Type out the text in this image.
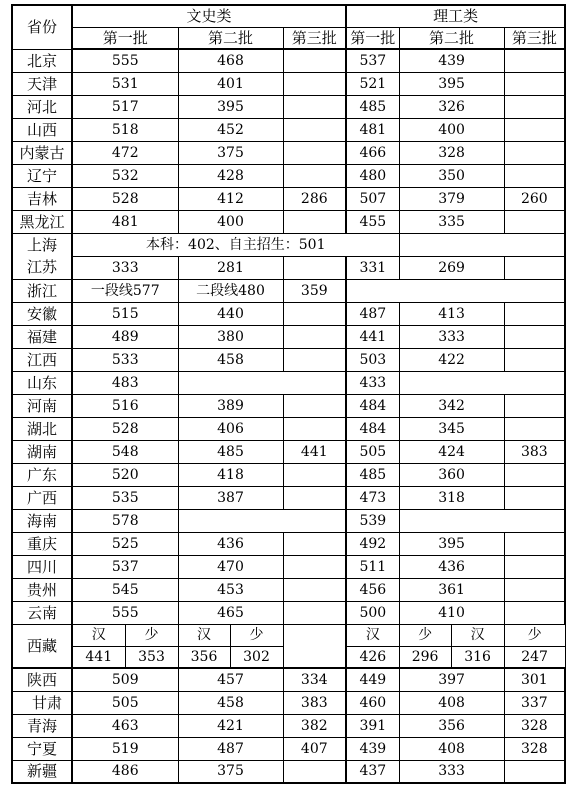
省份	文史类					理工类			
	第一批		第二批		第三批	第一批	第二批		第三批
北京	555		468			537	439		
天津	531		401			521	395		
河北	517		395			485	326		
山西	518		452			481	400		
内蒙古	472		375			466	328		
辽宁	532		428			480	350		
吉林	528		412		286	507	379		260
黑龙江	481		400			455	335		
上海	本科：402、自主招生：501								
江苏	333		281			331	269		
浙江	一段线577		二段线480		359				
安徽	515		440			487	413		
福建	489		380			441	333		
江西	533		458			503	422		
山东	483					433			
河南	516		389			484	342		
湖北	528		406			484	345		
湖南	548		485		441	505	424		383
广东	520		418			485	360		
广西	535		387			473	318		
海南	578					539			
重庆	525		436			492	395		
四川	537		470			511	436		
贵州	545		453			456	361		
云南	555		465			500	410		
西藏	汉	少	汉	少		汉	少	汉	少
	441	353	356	302		426	296	316	247
陕西	509		457		334	449	397		301
甘肃	505		458		383	460	408		337
青海	463		421		382	391	356		328
宁夏	519		487		407	439	408		328
新疆	486		375			437	333		
